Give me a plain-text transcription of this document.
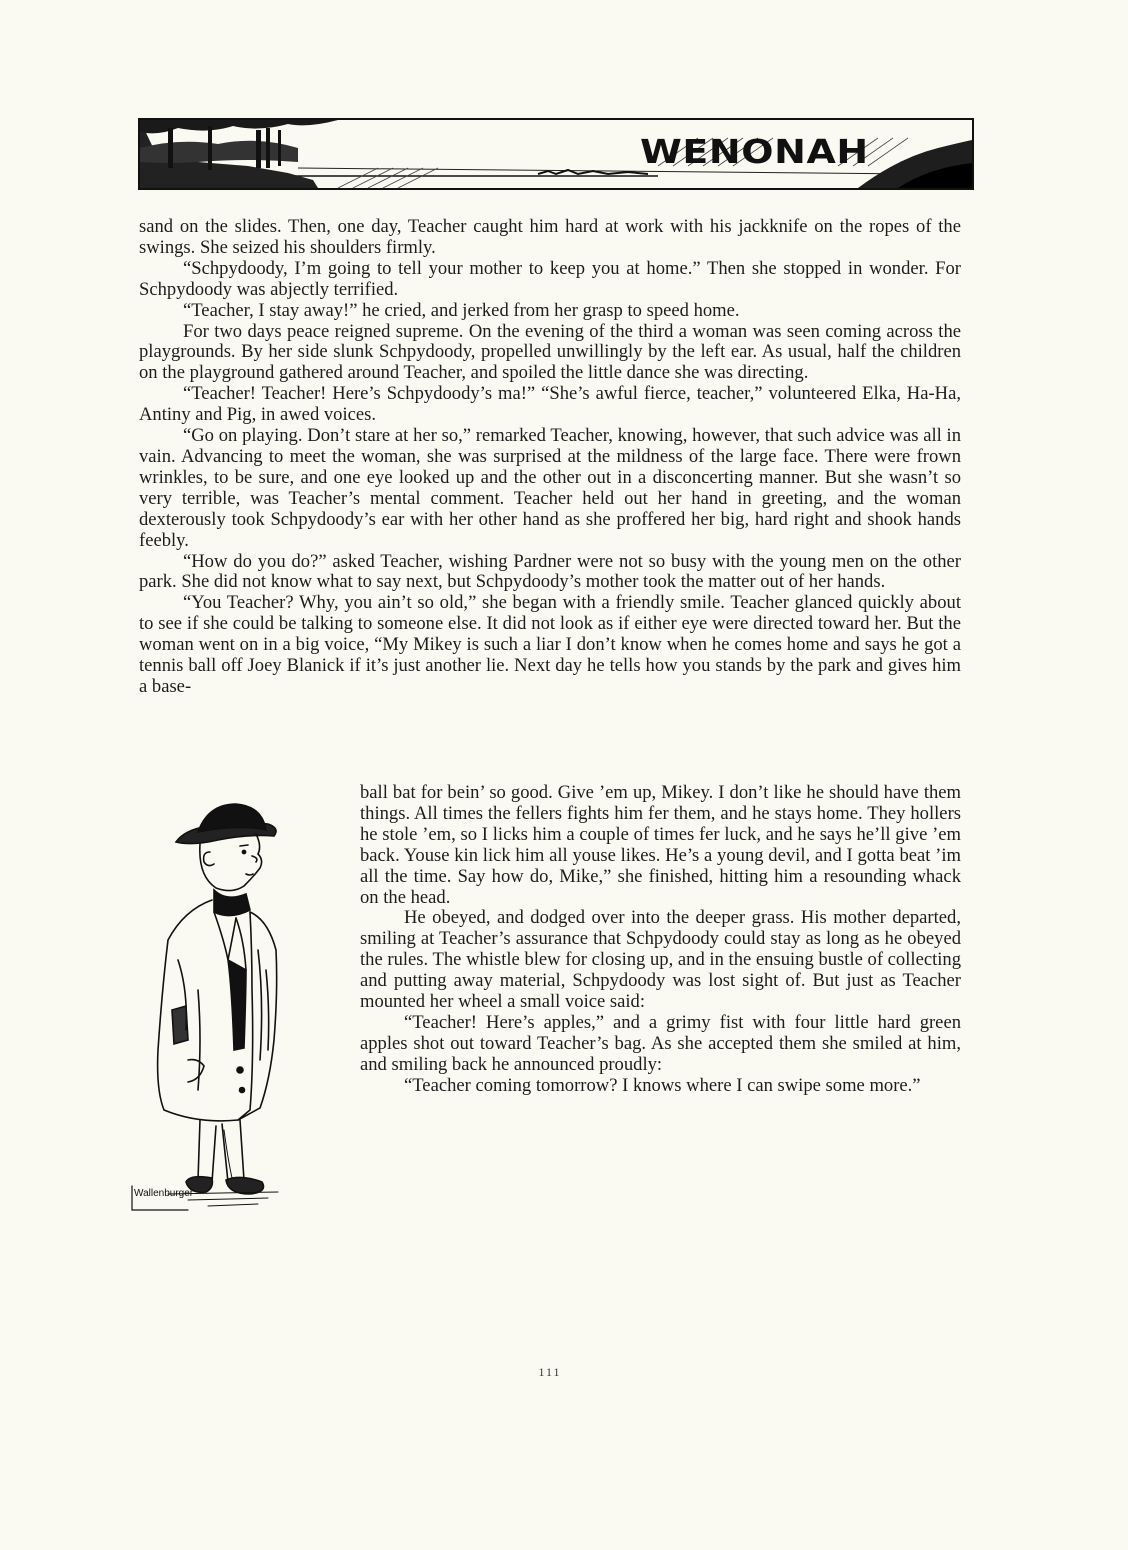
WENONAH
sand on the slides. Then, one day, Teacher caught him hard at work with his jackknife on the ropes of the swings. She seized his shoulders firmly.
“Schpydoody, I’m going to tell your mother to keep you at home.” Then she stopped in wonder. For Schpydoody was abjectly terrified.
“Teacher, I stay away!” he cried, and jerked from her grasp to speed home.
For two days peace reigned supreme. On the evening of the third a woman was seen coming across the playgrounds. By her side slunk Schpydoody, propelled unwillingly by the left ear. As usual, half the children on the playground gathered around Teacher, and spoiled the little dance she was directing.
“Teacher! Teacher! Here’s Schpydoody’s ma!” “She’s awful fierce, teacher,” volunteered Elka, Ha-Ha, Antiny and Pig, in awed voices.
“Go on playing. Don’t stare at her so,” remarked Teacher, knowing, however, that such advice was all in vain. Advancing to meet the woman, she was surprised at the mildness of the large face. There were frown wrinkles, to be sure, and one eye looked up and the other out in a disconcerting manner. But she wasn’t so very terrible, was Teacher’s mental comment. Teacher held out her hand in greeting, and the woman dexterously took Schpydoody’s ear with her other hand as she proffered her big, hard right and shook hands feebly.
“How do you do?” asked Teacher, wishing Pardner were not so busy with the young men on the other park. She did not know what to say next, but Schpydoody’s mother took the matter out of her hands.
“You Teacher? Why, you ain’t so old,” she began with a friendly smile. Teacher glanced quickly about to see if she could be talking to someone else. It did not look as if either eye were directed toward her. But the woman went on in a big voice, “My Mikey is such a liar I don’t know when he comes home and says he got a tennis ball off Joey Blanick if it’s just another lie. Next day he tells how you stands by the park and gives him a base-
ball bat for bein’ so good. Give ’em up, Mikey. I don’t like he should have them things. All times the fellers fights him fer them, and he stays home. They hollers he stole ’em, so I licks him a couple of times fer luck, and he says he’ll give ’em back. Youse kin lick him all youse likes. He’s a young devil, and I gotta beat ’im all the time. Say how do, Mike,” she finished, hitting him a resounding whack on the head.
He obeyed, and dodged over into the deeper grass. His mother departed, smiling at Teacher’s assurance that Schpydoody could stay as long as he obeyed the rules. The whistle blew for closing up, and in the ensuing bustle of collecting and putting away material, Schpydoody was lost sight of. But just as Teacher mounted her wheel a small voice said:
“Teacher! Here’s apples,” and a grimy fist with four little hard green apples shot out toward Teacher’s bag. As she accepted them she smiled at him, and smiling back he announced proudly:
“Teacher coming tomorrow? I knows where I can swipe some more.”
Wallenburger
111
